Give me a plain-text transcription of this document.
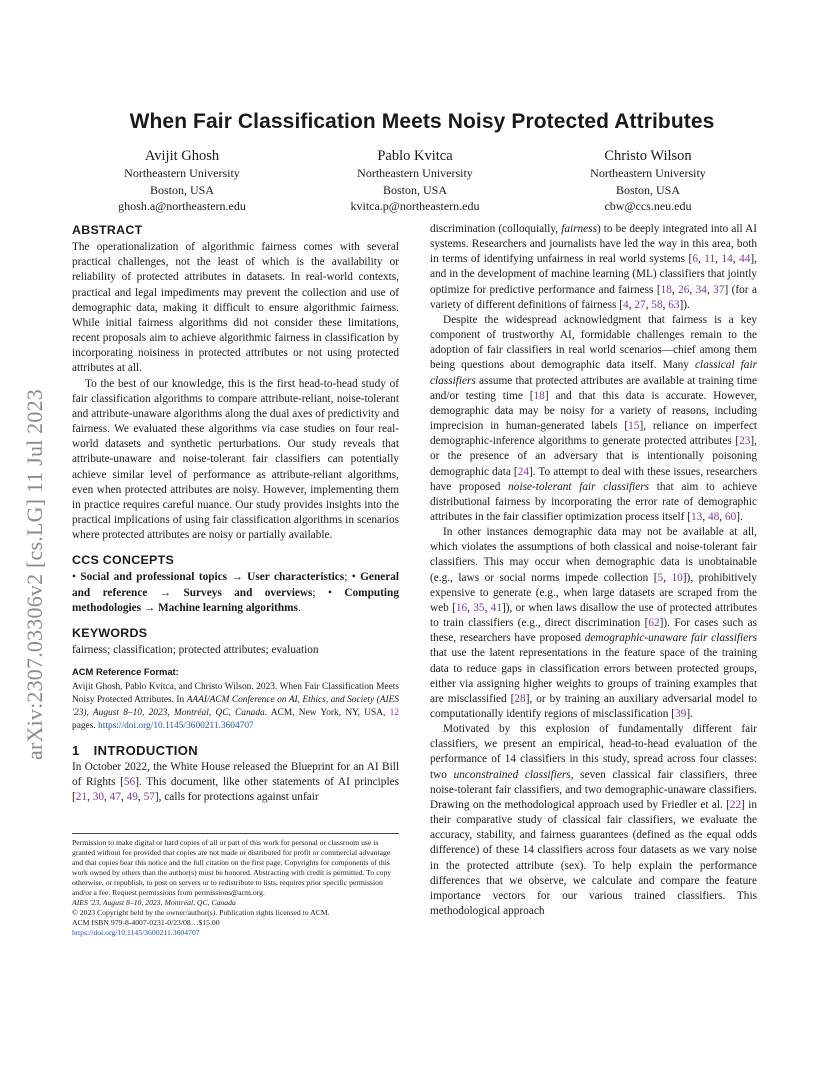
arXiv:2307.03306v2 [cs.LG] 11 Jul 2023
When Fair Classification Meets Noisy Protected Attributes
Avijit Ghosh
Northeastern University
Boston, USA
ghosh.a@northeastern.edu
Pablo Kvitca
Northeastern University
Boston, USA
kvitca.p@northeastern.edu
Christo Wilson
Northeastern University
Boston, USA
cbw@ccs.neu.edu
ABSTRACT

The operationalization of algorithmic fairness comes with several practical challenges, not the least of which is the availability or reliability of protected attributes in datasets. In real-world contexts, practical and legal impediments may prevent the collection and use of demographic data, making it difficult to ensure algorithmic fairness. While initial fairness algorithms did not consider these limitations, recent proposals aim to achieve algorithmic fairness in classification by incorporating noisiness in protected attributes or not using protected attributes at all.

To the best of our knowledge, this is the first head-to-head study of fair classification algorithms to compare attribute-reliant, noise-tolerant and attribute-unaware algorithms along the dual axes of predictivity and fairness. We evaluated these algorithms via case studies on four real-world datasets and synthetic perturbations. Our study reveals that attribute-unaware and noise-tolerant fair classifiers can potentially achieve similar level of performance as attribute-reliant algorithms, even when protected attributes are noisy. However, implementing them in practice requires careful nuance. Our study provides insights into the practical implications of using fair classification algorithms in scenarios where protected attributes are noisy or partially available.

CCS CONCEPTS
• Social and professional topics → User characteristics; • General and reference → Surveys and overviews; • Computing methodologies → Machine learning algorithms.
KEYWORDS

fairness; classification; protected attributes; evaluation

ACM Reference Format:
Avijit Ghosh, Pablo Kvitca, and Christo Wilson. 2023. When Fair Classification Meets Noisy Protected Attributes. In AAAI/ACM Conference on AI, Ethics, and Society (AIES '23), August 8–10, 2023, Montréal, QC, Canada. ACM, New York, NY, USA, 12 pages. https://doi.org/10.1145/3600211.3604707
1 INTRODUCTION

In October 2022, the White House released the Blueprint for an AI Bill of Rights [56]. This document, like other statements of AI principles [21, 30, 47, 49, 57], calls for protections against unfair

Permission to make digital or hard copies of all or part of this work for personal or classroom use is granted without fee provided that copies are not made or distributed for profit or commercial advantage and that copies bear this notice and the full citation on the first page. Copyrights for components of this work owned by others than the author(s) must be honored. Abstracting with credit is permitted. To copy otherwise, or republish, to post on servers or to redistribute to lists, requires prior specific permission and/or a fee. Request permissions from permissions@acm.org.
AIES '23, August 8–10, 2023, Montréal, QC, Canada
© 2023 Copyright held by the owner/author(s). Publication rights licensed to ACM.
ACM ISBN 979-8-4007-0231-0/23/08…$15.00
https://doi.org/10.1145/3600211.3604707

discrimination (colloquially, fairness) to be deeply integrated into all AI systems. Researchers and journalists have led the way in this area, both in terms of identifying unfairness in real world systems [6, 11, 14, 44], and in the development of machine learning (ML) classifiers that jointly optimize for predictive performance and fairness [18, 26, 34, 37] (for a variety of different definitions of fairness [4, 27, 58, 63]).

Despite the widespread acknowledgment that fairness is a key component of trustworthy AI, formidable challenges remain to the adoption of fair classifiers in real world scenarios—chief among them being questions about demographic data itself. Many classical fair classifiers assume that protected attributes are available at training time and/or testing time [18] and that this data is accurate. However, demographic data may be noisy for a variety of reasons, including imprecision in human-generated labels [15], reliance on imperfect demographic-inference algorithms to generate protected attributes [23], or the presence of an adversary that is intentionally poisoning demographic data [24]. To attempt to deal with these issues, researchers have proposed noise-tolerant fair classifiers that aim to achieve distributional fairness by incorporating the error rate of demographic attributes in the fair classifier optimization process itself [13, 48, 60].

In other instances demographic data may not be available at all, which violates the assumptions of both classical and noise-tolerant fair classifiers. This may occur when demographic data is unobtainable (e.g., laws or social norms impede collection [5, 10]), prohibitively expensive to generate (e.g., when large datasets are scraped from the web [16, 35, 41]), or when laws disallow the use of protected attributes to train classifiers (e.g., direct discrimination [62]). For cases such as these, researchers have proposed demographic-unaware fair classifiers that use the latent representations in the feature space of the training data to reduce gaps in classification errors between protected groups, either via assigning higher weights to groups of training examples that are misclassified [28], or by training an auxiliary adversarial model to computationally identify regions of misclassification [39].

Motivated by this explosion of fundamentally different fair classifiers, we present an empirical, head-to-head evaluation of the performance of 14 classifiers in this study, spread across four classes: two unconstrained classifiers, seven classical fair classifiers, three noise-tolerant fair classifiers, and two demographic-unaware classifiers. Drawing on the methodological approach used by Friedler et al. [22] in their comparative study of classical fair classifiers, we evaluate the accuracy, stability, and fairness guarantees (defined as the equal odds difference) of these 14 classifiers across four datasets as we vary noise in the protected attribute (sex). To help explain the performance differences that we observe, we calculate and compare the feature importance vectors for our various trained classifiers. This methodological approach
